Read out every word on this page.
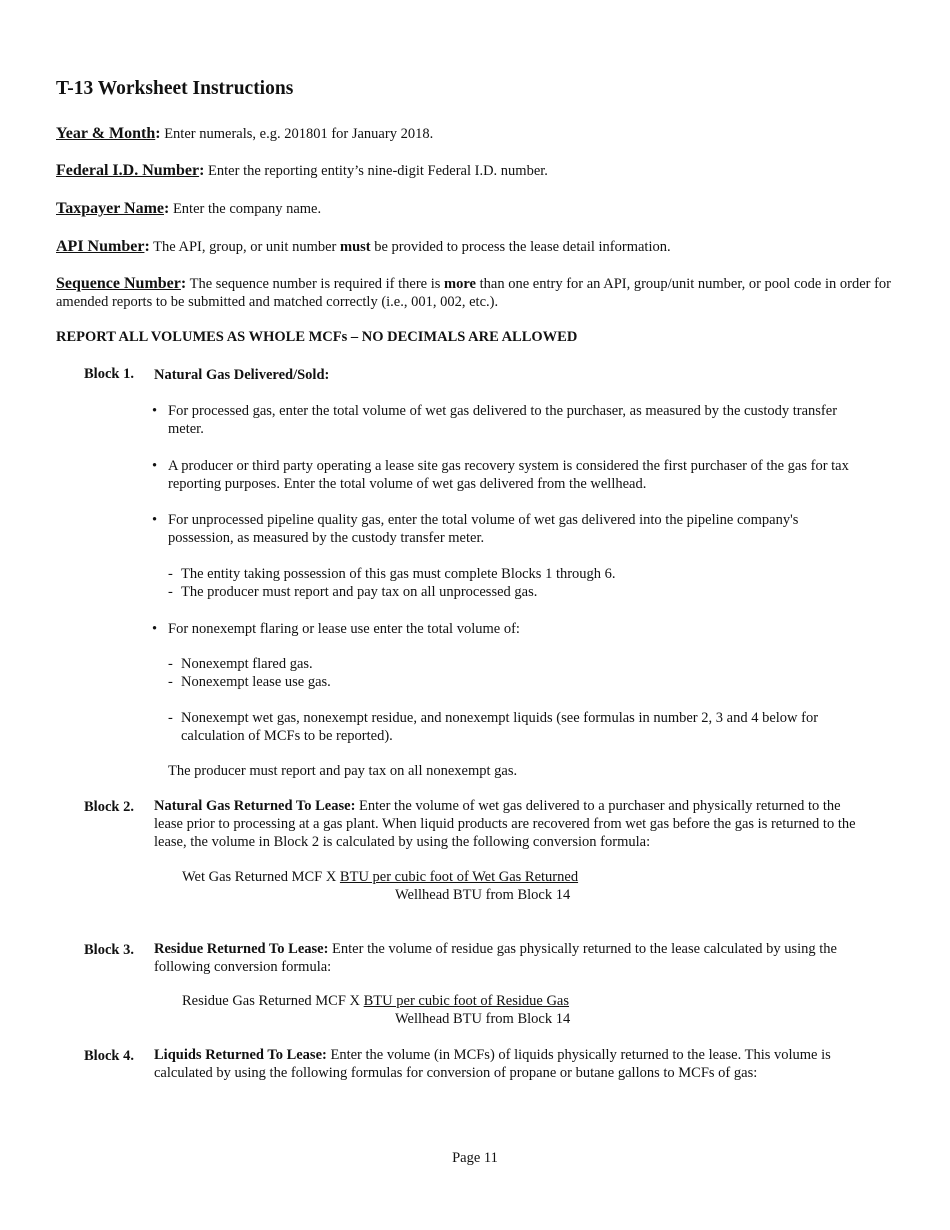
T-13 Worksheet Instructions
Year & Month: Enter numerals, e.g. 201801 for January 2018.
Federal I.D. Number: Enter the reporting entity’s nine-digit Federal I.D. number.
Taxpayer Name: Enter the company name.
API Number: The API, group, or unit number must be provided to process the lease detail information.
Sequence Number: The sequence number is required if there is more than one entry for an API, group/unit number, or pool code in order for amended reports to be submitted and matched correctly (i.e., 001, 002, etc.).
REPORT ALL VOLUMES AS WHOLE MCFs – NO DECIMALS ARE ALLOWED
Block 1. Natural Gas Delivered/Sold:
• For processed gas, enter the total volume of wet gas delivered to the purchaser, as measured by the custody transfer meter.
• A producer or third party operating a lease site gas recovery system is considered the first purchaser of the gas for tax reporting purposes. Enter the total volume of wet gas delivered from the wellhead.
• For unprocessed pipeline quality gas, enter the total volume of wet gas delivered into the pipeline company's possession, as measured by the custody transfer meter.
- The entity taking possession of this gas must complete Blocks 1 through 6.
- The producer must report and pay tax on all unprocessed gas.
• For nonexempt flaring or lease use enter the total volume of:
- Nonexempt flared gas.
- Nonexempt lease use gas.
- Nonexempt wet gas, nonexempt residue, and nonexempt liquids (see formulas in number 2, 3 and 4 below for calculation of MCFs to be reported).
The producer must report and pay tax on all nonexempt gas.
Block 2. Natural Gas Returned To Lease: Enter the volume of wet gas delivered to a purchaser and physically returned to the lease prior to processing at a gas plant. When liquid products are recovered from wet gas before the gas is returned to the lease, the volume in Block 2 is calculated by using the following conversion formula:
Wet Gas Returned MCF X BTU per cubic foot of Wet Gas Returned
Wellhead BTU from Block 14
Block 3. Residue Returned To Lease: Enter the volume of residue gas physically returned to the lease calculated by using the following conversion formula:
Residue Gas Returned MCF X BTU per cubic foot of Residue Gas
Wellhead BTU from Block 14
Block 4. Liquids Returned To Lease: Enter the volume (in MCFs) of liquids physically returned to the lease. This volume is calculated by using the following formulas for conversion of propane or butane gallons to MCFs of gas:
Page 11
